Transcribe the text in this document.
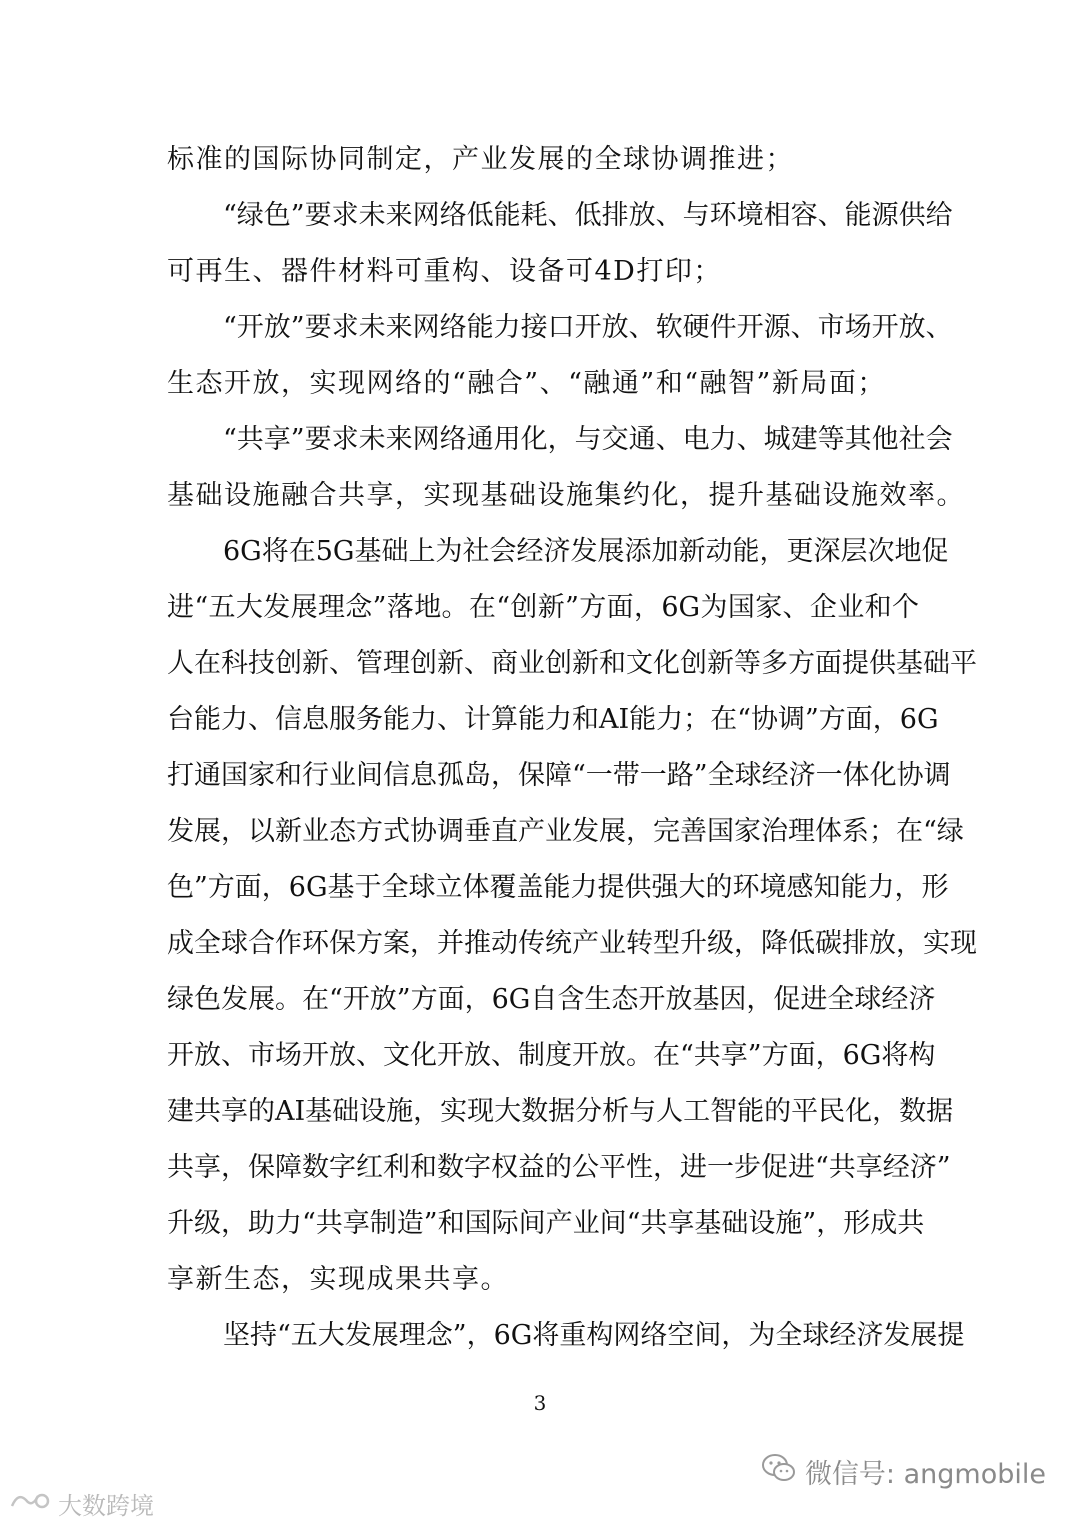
标准的国际协同制定，产业发展的全球协调推进；
“绿色”要求未来网络低能耗、低排放、与环境相容、能源供给
可再生、器件材料可重构、设备可4D打印；
“开放”要求未来网络能力接口开放、软硬件开源、市场开放、
生态开放，实现网络的“融合”、“融通”和“融智”新局面；
“共享”要求未来网络通用化，与交通、电力、城建等其他社会
基础设施融合共享，实现基础设施集约化，提升基础设施效率。
6G将在5G基础上为社会经济发展添加新动能，更深层次地促
进“五大发展理念”落地。在“创新”方面，6G为国家、企业和个
人在科技创新、管理创新、商业创新和文化创新等多方面提供基础平
台能力、信息服务能力、计算能力和AI能力；在“协调”方面，6G
打通国家和行业间信息孤岛，保障“一带一路”全球经济一体化协调
发展，以新业态方式协调垂直产业发展，完善国家治理体系；在“绿
色”方面，6G基于全球立体覆盖能力提供强大的环境感知能力，形
成全球合作环保方案，并推动传统产业转型升级，降低碳排放，实现
绿色发展。在“开放”方面，6G自含生态开放基因，促进全球经济
开放、市场开放、文化开放、制度开放。在“共享”方面，6G将构
建共享的AI基础设施，实现大数据分析与人工智能的平民化，数据
共享，保障数字红利和数字权益的公平性，进一步促进“共享经济”
升级，助力“共享制造”和国际间产业间“共享基础设施”，形成共
享新生态，实现成果共享。
坚持“五大发展理念”，6G将重构网络空间，为全球经济发展提
3
微信号: angmobile
大数跨境
